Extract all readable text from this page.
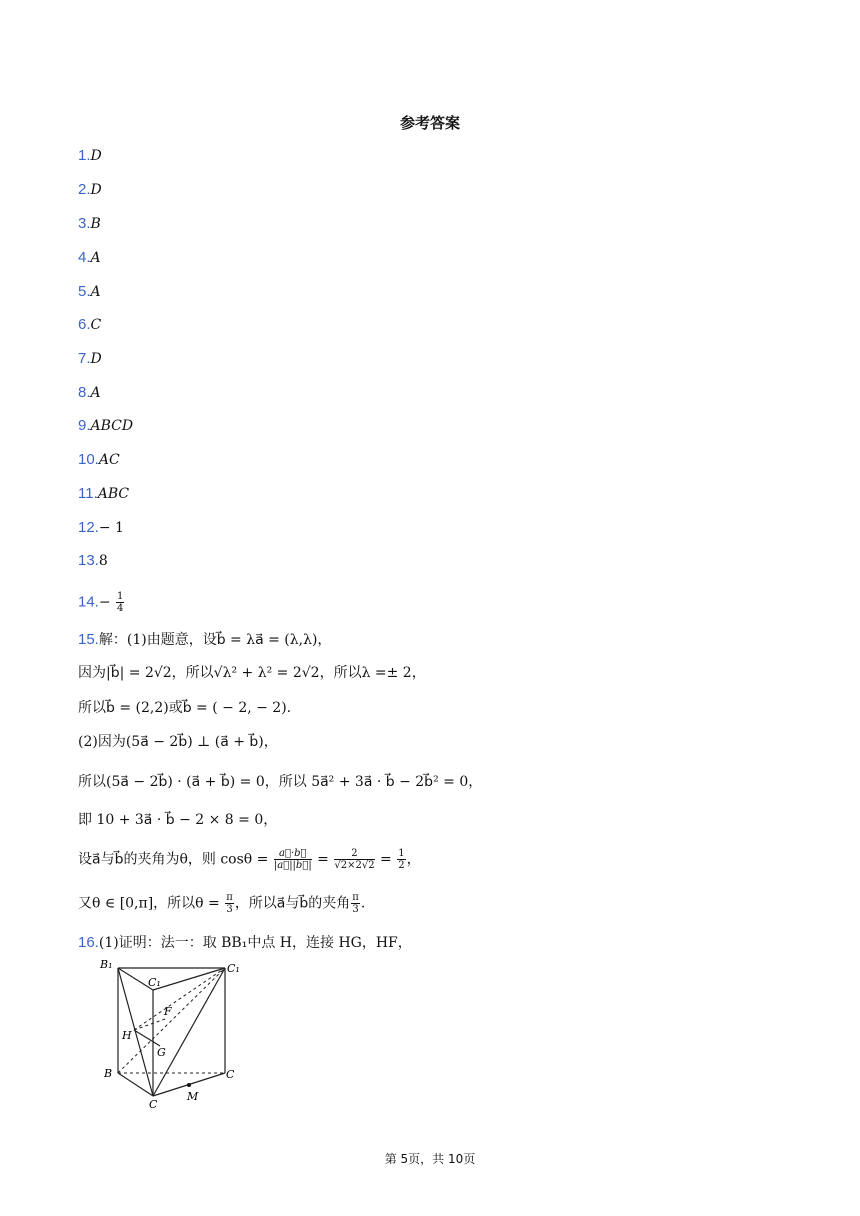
参考答案
1.D
2.D
3.B
4.A
5.A
6.C
7.D
8.A
9.ABCD
10.AC
11.ABC
12.− 1
13.8
$14.- \frac{1}{4}$
15.解：(1)由题意，设b⃗ = λa⃗ = (λ,λ)，
因为|b⃗| = 2√2，所以√λ² + λ² = 2√2，所以λ =± 2，
所以b⃗ = (2,2)或b⃗ = ( − 2, − 2).
(2)因为(5a⃗ − 2b⃗) ⊥ (a⃗ + b⃗)，
所以(5a⃗ − 2b⃗) · (a⃗ + b⃗) = 0，所以 5a⃗² + 3a⃗ · b⃗ − 2b⃗² = 0，
即 10 + 3a⃗ · b⃗ − 2 × 8 = 0，
设a⃗与b⃗的夹角为θ，则 $\cos\theta = \frac{a⃗\cdot b⃗}{|a⃗||b⃗|} = \frac{2}{√2\times 2√2} = \frac{1}{2}$ ，
又θ ∈ [0,π]，所以$\theta = \frac{\pi}{3}$ ，所以a⃗与b⃗的夹角 $\frac{\pi}{3}$ .
16.(1)证明：法一：取 BB₁中点 H，连接 HG，HF，
B₁	C₁
C₁
F
H
G
B	C
C
M
第 5页，共 10页
